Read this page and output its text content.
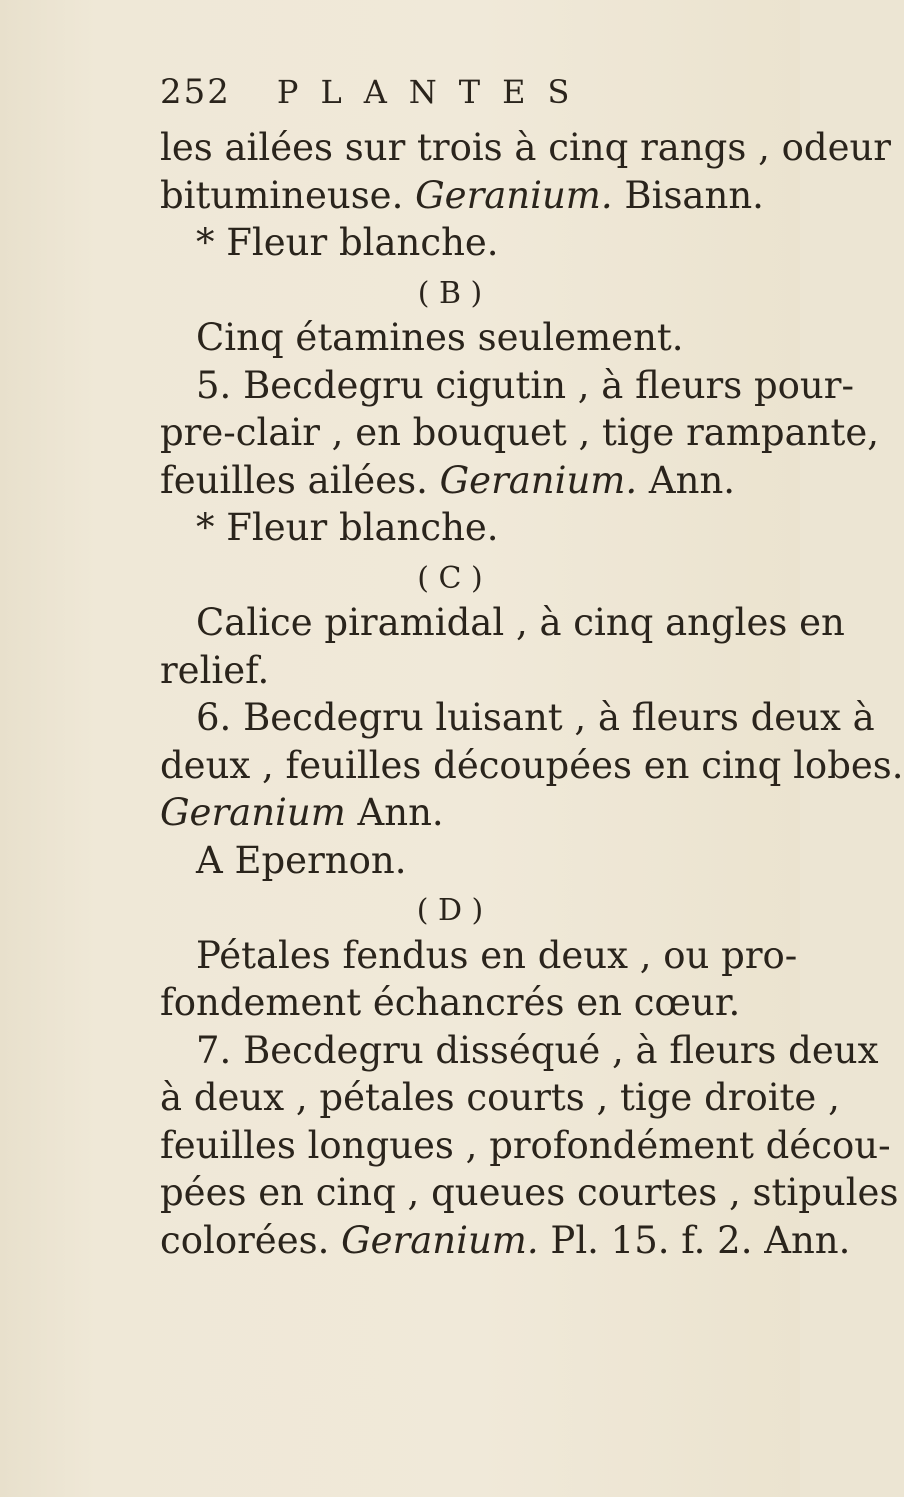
252 PLANTES
les ailées sur trois à cinq rangs , odeur
bitumineuse. Geranium. Bisann.
* Fleur blanche.
( B )
Cinq étamines seulement.
5. Becdegru cigutin , à fleurs pour-
pre-clair , en bouquet , tige rampante,
feuilles ailées. Geranium. Ann.
* Fleur blanche.
( C )
Calice piramidal , à cinq angles en
relief.
6. Becdegru luisant , à fleurs deux à
deux , feuilles découpées en cinq lobes.
Geranium Ann.
A Epernon.
( D )
Pétales fendus en deux , ou pro-
fondement échancrés en cœur.
7. Becdegru disséqué , à fleurs deux
à deux , pétales courts , tige droite ,
feuilles longues , profondément décou-
pées en cinq , queues courtes , stipules
colorées. Geranium. Pl. 15. f. 2. Ann.
